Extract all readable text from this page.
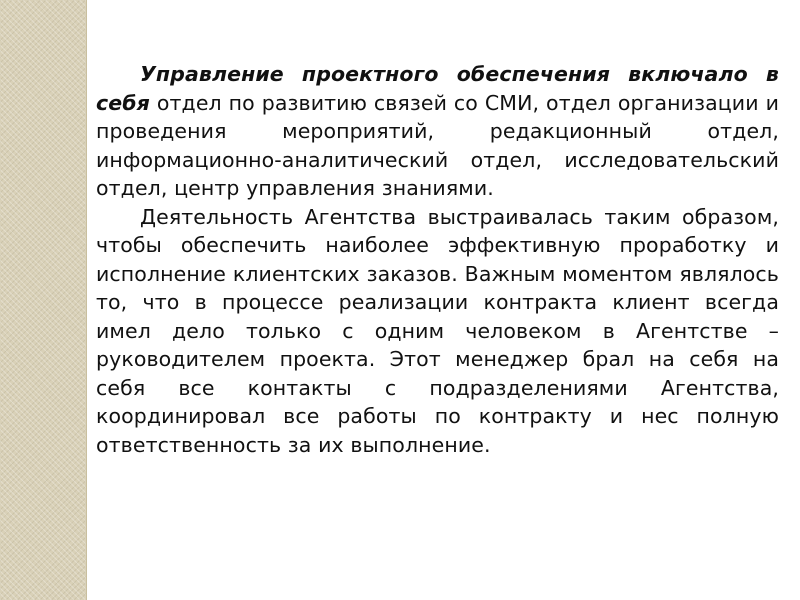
Управление проектного обеспечения включало в себя отдел по развитию связей со СМИ, отдел организации и проведения мероприятий, редакционный отдел, информационно-аналитический отдел, исследовательский отдел, центр управления знаниями.

Деятельность Агентства выстраивалась таким образом, чтобы обеспечить наиболее эффективную проработку и исполнение клиентских заказов. Важным моментом являлось то, что в процессе реализации контракта клиент всегда имел дело только с одним человеком в Агентстве – руководителем проекта. Этот менеджер брал на себя на себя все контакты с подразделениями Агентства, координировал все работы по контракту и нес полную ответственность за их выполнение.
